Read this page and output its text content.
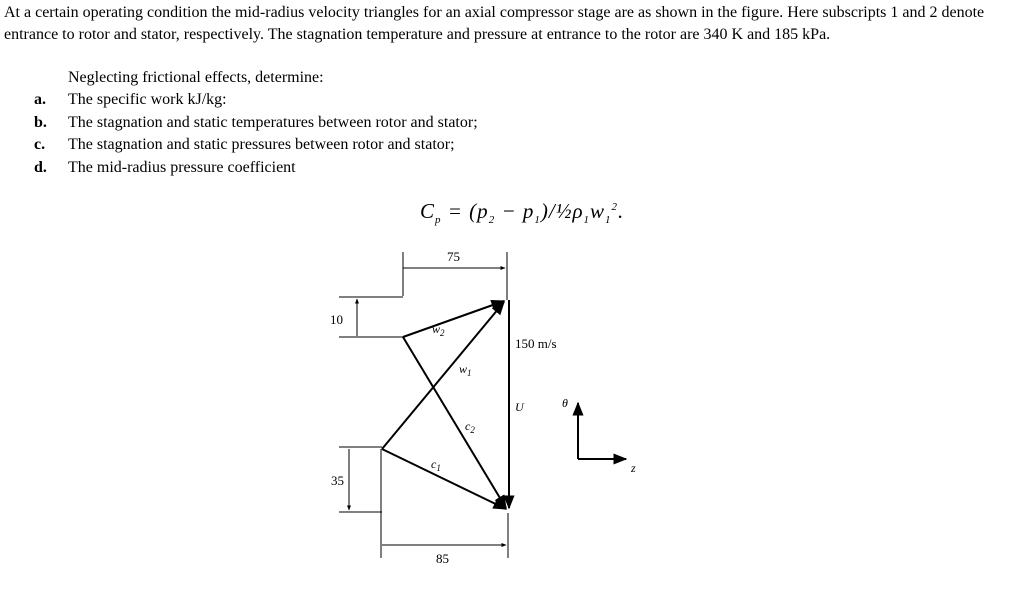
At a certain operating condition the mid-radius velocity triangles for an axial compressor stage are as shown in the figure. Here subscripts 1 and 2 denote entrance to rotor and stator, respectively. The stagnation temperature and pressure at entrance to the rotor are 340 K and 185 kPa.
Neglecting frictional effects, determine:
a. The specific work kJ/kg:
b. The stagnation and static temperatures between rotor and stator;
c. The stagnation and static pressures between rotor and stator;
d. The mid-radius pressure coefficient
$C_p = (p_2$ − $p_1)/\frac{1}{2}\rho_1w_1^2$.
75
10
35
85
$w_2$
$w_1$
$c_2$
$c_1$
U
150 m/s
θ
z
